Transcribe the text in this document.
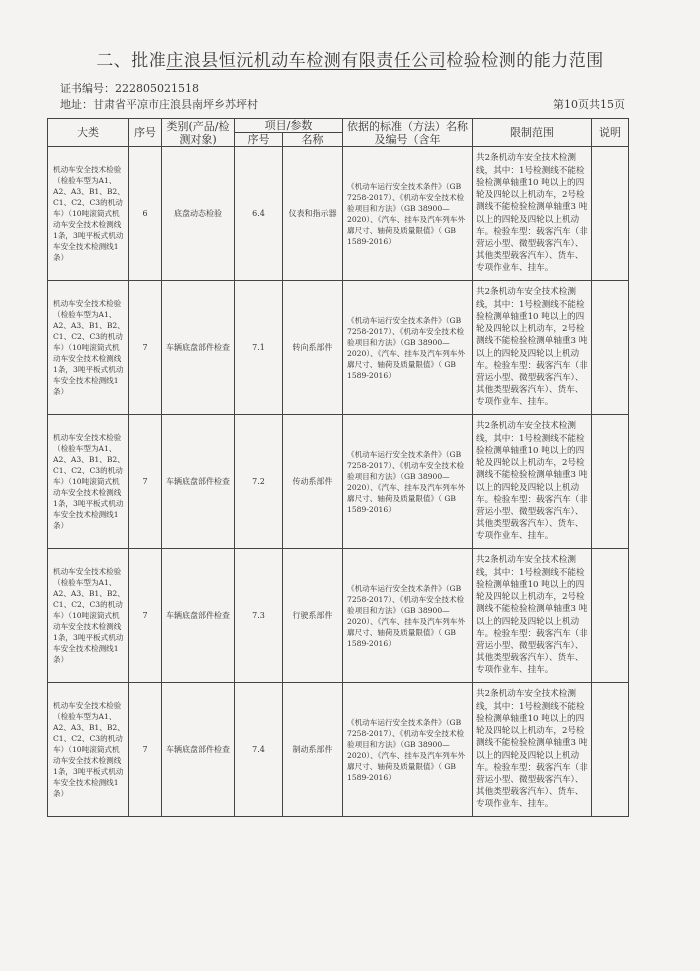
二、批准庄浪县恒沅机动车检测有限责任公司检验检测的能力范围
证书编号：222805021518
地址：甘肃省平凉市庄浪县南坪乡苏坪村	第10页共15页
大类	序号	类别(产品/检测对象)	项目/参数		依据的标准（方法）名称及编号（含年	限制范围	说明
			序号	名称			
机动车安全技术检验（检验车型为A1、A2、A3、B1、B2、C1、C2、C3的机动车）（10吨滚筒式机动车安全技术检测线1条，3吨平板式机动车安全技术检测线1条）	6	底盘动态检验	6.4	仪表和指示器	《机动车运行安全技术条件》（GB 7258-2017）、《机动车安全技术检验项目和方法》（GB 38900—2020）、《汽车、挂车及汽车列车外廓尺寸、轴荷及质量限值》（ GB 1589-2016）	共2条机动车安全技术检测线，其中：1号检测线不能检验检测单轴重10 吨以上的四轮及四轮以上机动车，2号检测线不能检验检测单轴重3 吨以上的四轮及四轮以上机动车。检验车型：载客汽车（非营运小型、微型载客汽车）、其他类型载客汽车）、货车、专项作业车、挂车。	
机动车安全技术检验（检验车型为A1、A2、A3、B1、B2、C1、C2、C3的机动车）（10吨滚筒式机动车安全技术检测线1条，3吨平板式机动车安全技术检测线1条）	7	车辆底盘部件检查	7.1	转向系部件	《机动车运行安全技术条件》（GB 7258-2017）、《机动车安全技术检验项目和方法》（GB 38900—2020）、《汽车、挂车及汽车列车外廓尺寸、轴荷及质量限值》（ GB 1589-2016）	共2条机动车安全技术检测线，其中：1号检测线不能检验检测单轴重10 吨以上的四轮及四轮以上机动车，2号检测线不能检验检测单轴重3 吨以上的四轮及四轮以上机动车。检验车型：载客汽车（非营运小型、微型载客汽车）、其他类型载客汽车）、货车、专项作业车、挂车。	
机动车安全技术检验（检验车型为A1、A2、A3、B1、B2、C1、C2、C3的机动车）（10吨滚筒式机动车安全技术检测线1条，3吨平板式机动车安全技术检测线1条）	7	车辆底盘部件检查	7.2	传动系部件	《机动车运行安全技术条件》（GB 7258-2017）、《机动车安全技术检验项目和方法》（GB 38900—2020）、《汽车、挂车及汽车列车外廓尺寸、轴荷及质量限值》（ GB 1589-2016）	共2条机动车安全技术检测线，其中：1号检测线不能检验检测单轴重10 吨以上的四轮及四轮以上机动车，2号检测线不能检验检测单轴重3 吨以上的四轮及四轮以上机动车。检验车型：载客汽车（非营运小型、微型载客汽车）、其他类型载客汽车）、货车、专项作业车、挂车。	
机动车安全技术检验（检验车型为A1、A2、A3、B1、B2、C1、C2、C3的机动车）（10吨滚筒式机动车安全技术检测线1条，3吨平板式机动车安全技术检测线1条）	7	车辆底盘部件检查	7.3	行驶系部件	《机动车运行安全技术条件》（GB 7258-2017）、《机动车安全技术检验项目和方法》（GB 38900—2020）、《汽车、挂车及汽车列车外廓尺寸、轴荷及质量限值》（ GB 1589-2016）	共2条机动车安全技术检测线，其中：1号检测线不能检验检测单轴重10 吨以上的四轮及四轮以上机动车，2号检测线不能检验检测单轴重3 吨以上的四轮及四轮以上机动车。检验车型：载客汽车（非营运小型、微型载客汽车）、其他类型载客汽车）、货车、专项作业车、挂车。	
机动车安全技术检验（检验车型为A1、A2、A3、B1、B2、C1、C2、C3的机动车）（10吨滚筒式机动车安全技术检测线1条，3吨平板式机动车安全技术检测线1条）	7	车辆底盘部件检查	7.4	制动系部件	《机动车运行安全技术条件》（GB 7258-2017）、《机动车安全技术检验项目和方法》（GB 38900—2020）、《汽车、挂车及汽车列车外廓尺寸、轴荷及质量限值》（ GB 1589-2016）	共2条机动车安全技术检测线，其中：1号检测线不能检验检测单轴重10 吨以上的四轮及四轮以上机动车，2号检测线不能检验检测单轴重3 吨以上的四轮及四轮以上机动车。检验车型：载客汽车（非营运小型、微型载客汽车）、其他类型载客汽车）、货车、专项作业车、挂车。	
